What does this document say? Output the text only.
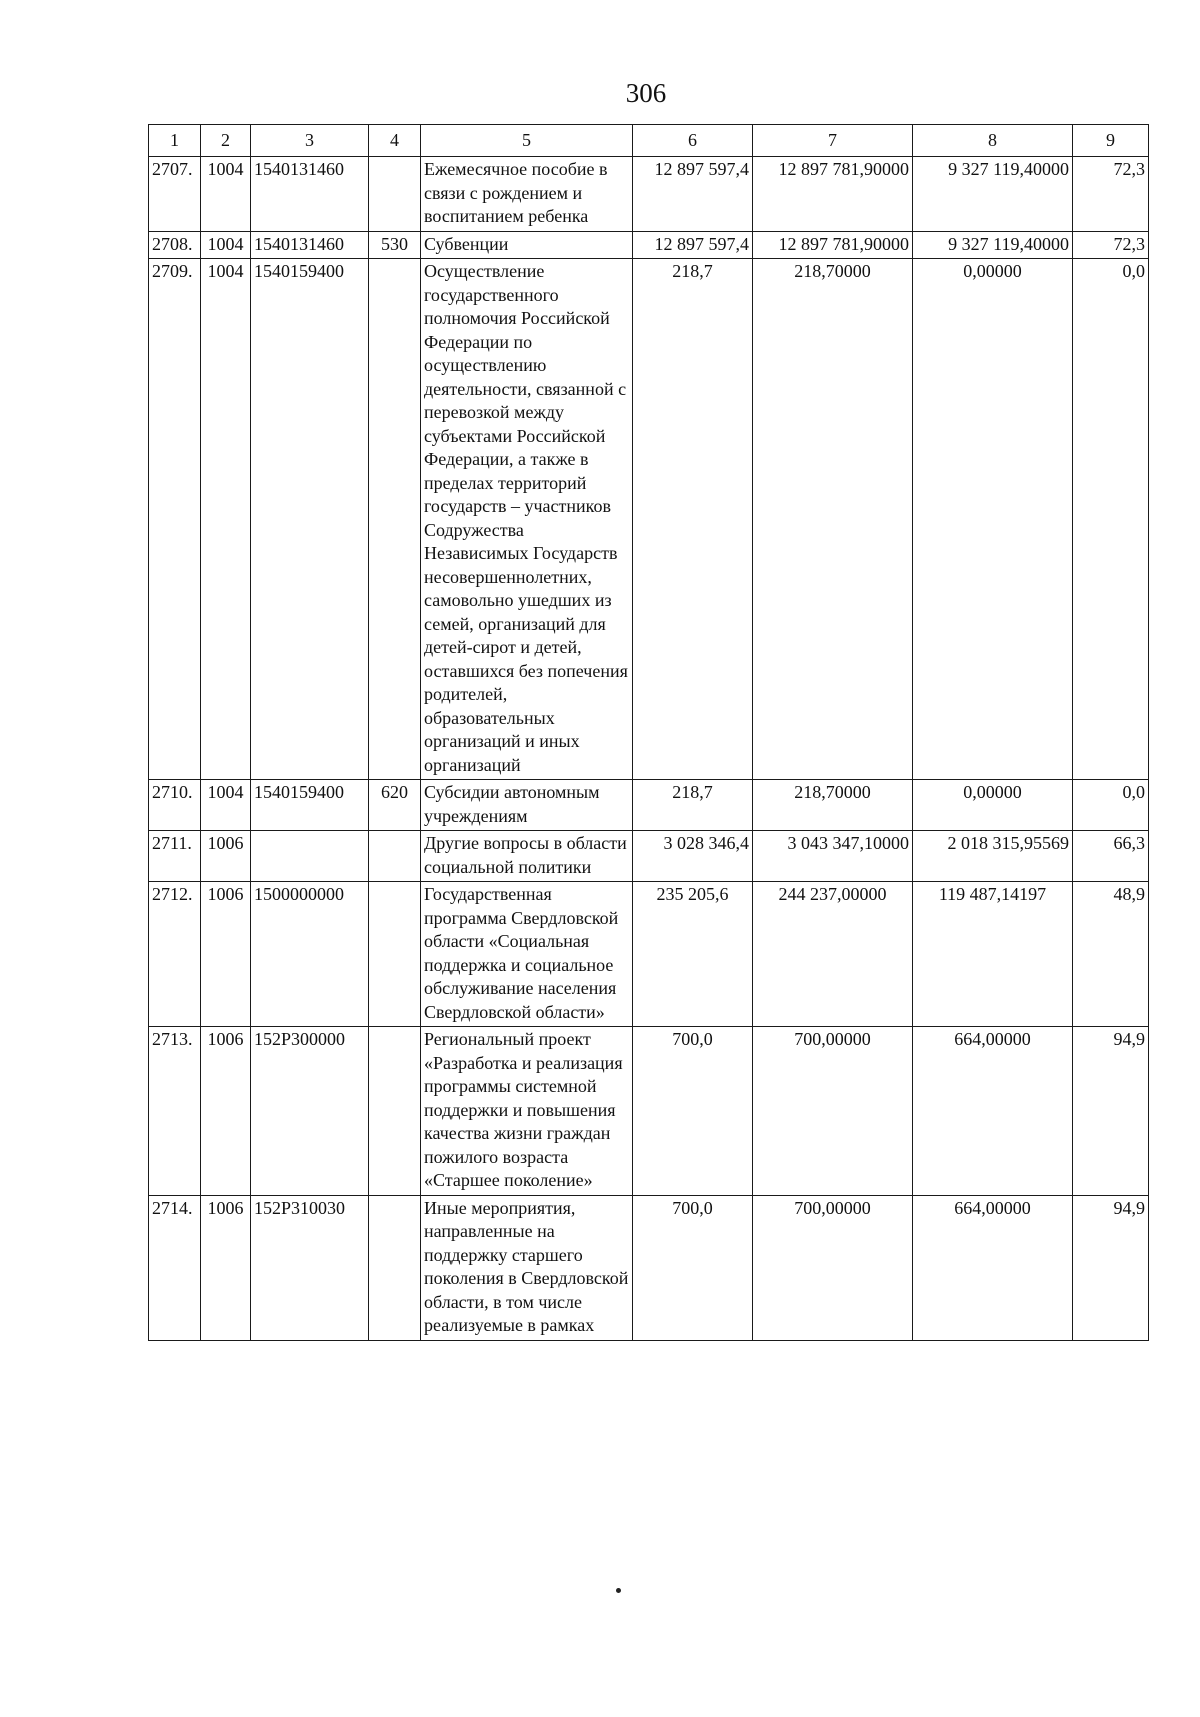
306
1	2	3	4	5	6	7	8	9
2707.	1004	1540131460		Ежемесячное пособие в связи с рождением и воспитанием ребенка	12 897 597,4	12 897 781,90000	9 327 119,40000	72,3
2708.	1004	1540131460	530	Субвенции	12 897 597,4	12 897 781,90000	9 327 119,40000	72,3
2709.	1004	1540159400		Осуществление государственного полномочия Российской Федерации по осуществлению деятельности, связанной с перевозкой между субъектами Российской Федерации, а также в пределах территорий государств – участников Содружества Независимых Государств несовершеннолетних, самовольно ушедших из семей, организаций для детей-сирот и детей, оставшихся без попечения родителей, образовательных организаций и иных организаций	218,7	218,70000	0,00000	0,0
2710.	1004	1540159400	620	Субсидии автономным учреждениям	218,7	218,70000	0,00000	0,0
2711.	1006			Другие вопросы в области социальной политики	3 028 346,4	3 043 347,10000	2 018 315,95569	66,3
2712.	1006	1500000000		Государственная программа Свердловской области «Социальная поддержка и социальное обслуживание населения Свердловской области»	235 205,6	244 237,00000	119 487,14197	48,9
2713.	1006	152P300000		Региональный проект «Разработка и реализация программы системной поддержки и повышения качества жизни граждан пожилого возраста «Старшее поколение»	700,0	700,00000	664,00000	94,9
2714.	1006	152P310030		Иные мероприятия, направленные на поддержку старшего поколения в Свердловской области, в том числе реализуемые в рамках	700,0	700,00000	664,00000	94,9
